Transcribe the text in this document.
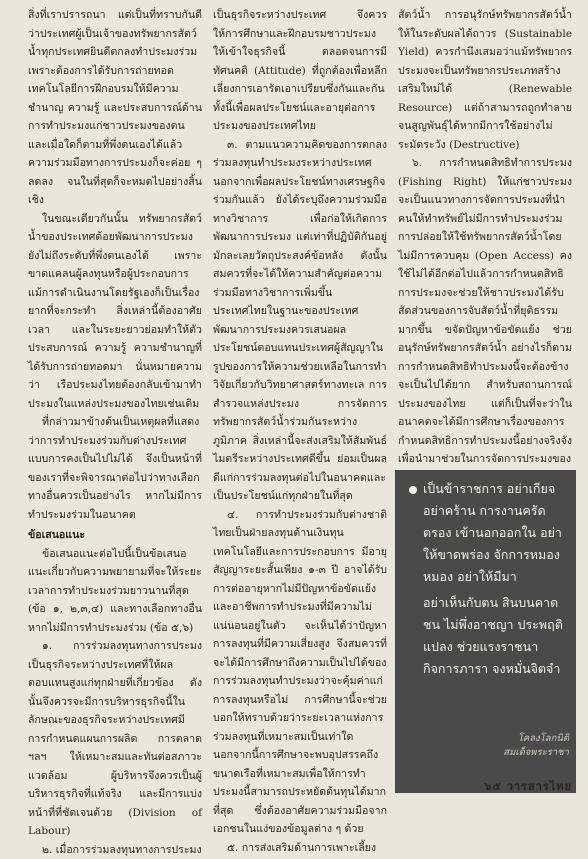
สิ่งที่เราปรารถนา แต่เป็นที่ทราบกันดีว่าประเทศผู้เป็นเจ้าของทรัพยากรสัตว์น้ำทุกประเทศยินดีตกลงทำประมงร่วม เพราะต้องการได้รับการถ่ายทอดเทคโนโลยีการฝึกอบรมให้มีความชำนาญ ความรู้ และประสบการณ์ด้านการทำประมงแก่ชาวประมงของตน และเมื่อใดก็ตามที่พึ่งตนเองได้แล้ว ความร่วมมือทางการประมงก็จะค่อย ๆ ลดลง จนในที่สุดก็จะหมดไปอย่างสิ้นเชิง

ในขณะเดียวกันนั้น ทรัพยากรสัตว์น้ำของประเทศด้อยพัฒนาการประมงยังไม่ถึงระดับที่พึ่งตนเองได้ เพราะขาดแคลนผู้ลงทุนหรือผู้ประกอบการ แม้การดำเนินงานโดยรัฐเองก็เป็นเรื่องยากที่จะกระทำ สิ่งเหล่านี้ต้องอาศัยเวลา และในระยะยาวย่อมทำให้ตัวประสบการณ์ ความรู้ ความชำนาญที่ได้รับการถ่ายทอดมา นั่นหมายความว่า เรือประมงไทยต้องกลับเข้ามาทำประมงในแหล่งประมงของไทยเช่นเดิม

ที่กล่าวมาข้างต้นเป็นเหตุผลที่แสดงว่าการทำประมงร่วมกับต่างประเทศแบบการคงเป็นไปไม่ได้ จึงเป็นหน้าที่ของเราที่จะพิจารณาต่อไปว่าทางเลือกทางอื่นควรเป็นอย่างไร หากไม่มีการทำประมงร่วมในอนาคต

ข้อเสนอแนะ

ข้อเสนอแนะต่อไปนี้เป็นข้อเสนอแนะเกี่ยวกับความพยายามที่จะให้ระยะเวลาการทำประมงร่วมยาวนานที่สุด (ข้อ ๑, ๒,๓,๔) และทางเลือกทางอื่นหากไม่มีการทำประมงร่วม (ข้อ ๕,๖)

๑. การร่วมลงทุนทางการประมงเป็นธุรกิจระหว่างประเทศที่ให้ผลตอบแทนสูงแก่ทุกฝ่ายที่เกี่ยวข้อง ดังนั้นจึงควรจะมีการบริหารธุรกิจนี้ในลักษณะของธุรกิจระหว่างประเทศมีการกำหนดแผนการผลิต การตลาด ฯลฯ ให้เหมาะสมและทันต่อสภาวะแวดล้อม ผู้บริหารจึงควรเป็นผู้บริหารธุรกิจที่แท้จริง และมีการแบ่งหน้าที่ที่ชัดเจนด้วย (Division of Labour)

๒. เมื่อการร่วมลงทุนทางการประมง

เป็นธุรกิจระหว่างประเทศ จึงควรให้การศึกษาและฝึกอบรมชาวประมงให้เข้าใจธุรกิจนี้ ตลอดจนการมีทัศนคติ (Attitude) ที่ถูกต้องเพื่อหลีกเลี่ยงการเอารัดเอาเปรียบซึ่งกันและกัน ทั้งนี้เพื่อผลประโยชน์และอายุต่อการประมงของประเทศไทย

๓. ตามแนวความคิดของการตกลงร่วมลงทุนทำประมงระหว่างประเทศ นอกจากเพื่อผลประโยชน์ทางเศรษฐกิจร่วมกันแล้ว ยังได้ระบุถึงความร่วมมือทางวิชาการ เพื่อก่อให้เกิดการพัฒนาการประมง แต่เท่าที่ปฏิบัติกันอยู่มักละเลยวัตถุประสงค์ข้อหลัง ดังนั้นสมควรที่จะได้ให้ความสำคัญต่อความร่วมมือทางวิชาการเพิ่มขึ้น ประเทศไทยในฐานะของประเทศพัฒนาการประมงควรเสนอผลประโยชน์ตอบแทนประเทศผู้สัญญาในรูปของการให้ความช่วยเหลือในการทำวิจัยเกี่ยวกับวิทยาศาสตร์ทางทะเล การสำรวจแหล่งประมง การจัดการทรัพยากรสัตว์น้ำร่วมกันระหว่างภูมิภาค สิ่งเหล่านี้จะส่งเสริมให้สัมพันธ์ไมตรีระหว่างประเทศดีขึ้น ย่อมเป็นผลดีแก่การร่วมลงทุนต่อไปในอนาคตและเป็นประโยชน์แก่ทุกฝ่ายในที่สุด

๔. การทำประมงร่วมกับต่างชาติ ไทยเป็นฝ่ายลงทุนด้านเงินทุนเทคโนโลยีและการประกอบการ มีอายุสัญญาระยะสั้นเพียง ๑-๓ ปี อาจได้รับการต่ออายุหากไม่มีปัญหาข้อขัดแย้งและอาชีพการทำประมงที่มีความไม่แน่นอนอยู่ในตัว จะเห็นได้ว่าปัญหาการลงทุนที่มีความเสี่ยงสูง จึงสมควรที่จะได้มีการศึกษาถึงความเป็นไปได้ของการร่วมลงทุนทำประมงว่าจะคุ้มค่าแก่การลงทุนหรือไม่ การศึกษานี้จะช่วยบอกให้ทราบด้วยว่าระยะเวลาแห่งการร่วมลงทุนที่เหมาะสมเป็นเท่าใด นอกจากนี้การศึกษาจะพบอุปสรรคถึงขนาดเรือที่เหมาะสมเพื่อให้การทำประมงนี้สามารถประหยัดต้นทุนได้มากที่สุด ซึ่งต้องอาศัยความร่วมมือจากเอกชนในแง่ของข้อมูลต่าง ๆ ด้วย

๕. การส่งเสริมด้านการเพาะเลี้ยง

สัตว์น้ำ การอนุรักษ์ทรัพยากรสัตว์น้ำให้ในระดับผลได้ถาวร (Sustainable Yield) ควรกำนึงเสมอว่าแม้ทรัพยากรประมงจะเป็นทรัพยากรประเภทสร้างเสริมใหม่ได้ (Renewable Resource) แต่ถ้าสามารถถูกทำลายจนสูญพันธุ์ได้หากมีการใช้อย่างไม่ระมัดระวัง (Destructive)

๖. การกำหนดสิทธิทำการประมง (Fishing Right) ให้แก่ชาวประมง จะเป็นแนวทางการจัดการประมงที่นำคนให้ทำทรัพย์ไม่มีการทำประมงร่วม การปล่อยให้ใช้ทรัพยากรสัตว์น้ำโดยไม่มีการควบคุม (Open Access) คงใช้ไม่ได้อีกต่อไปแล้วการกำหนดสิทธิการประมงจะช่วยให้ชาวประมงได้รับสัดส่วนของการจับสัตว์น้ำที่ยุติธรรมมากขึ้น ขจัดปัญหาข้อขัดแย้ง ช่วยอนุรักษ์ทรัพยากรสัตว์น้ำ อย่างไรก็ตามการกำหนดสิทธิทำประมงนี้จะต้องข้างจะเป็นไปได้ยาก สำหรับสถานการณ์ประมงของไทย แต่ก็เป็นที่จะว่าในอนาคตจะได้มีการศึกษาเรื่องของการกำหนดสิทธิการทำประมงนี้อย่างจริงจัง เพื่อนำมาช่วยในการจัดการประมงของ

เป็นข้าราชการ อย่าเกียจอย่าคร้าน การงานครัดตรอง เข้านอกออกใน อย่าให้ขาดพร่อง จักการหมองหมอง อย่าให้มีมา

อย่าเห็นกับตน สินบนคาดชน ไม่พึ่งอาชญา ประพฤติแปลง ช่วยแรงราชนา กิจการภารา จงหมั่นจิตจำ

โคลงโลกนิติ
สมเด็จพระราชา
๖๕ วารสารไทย
